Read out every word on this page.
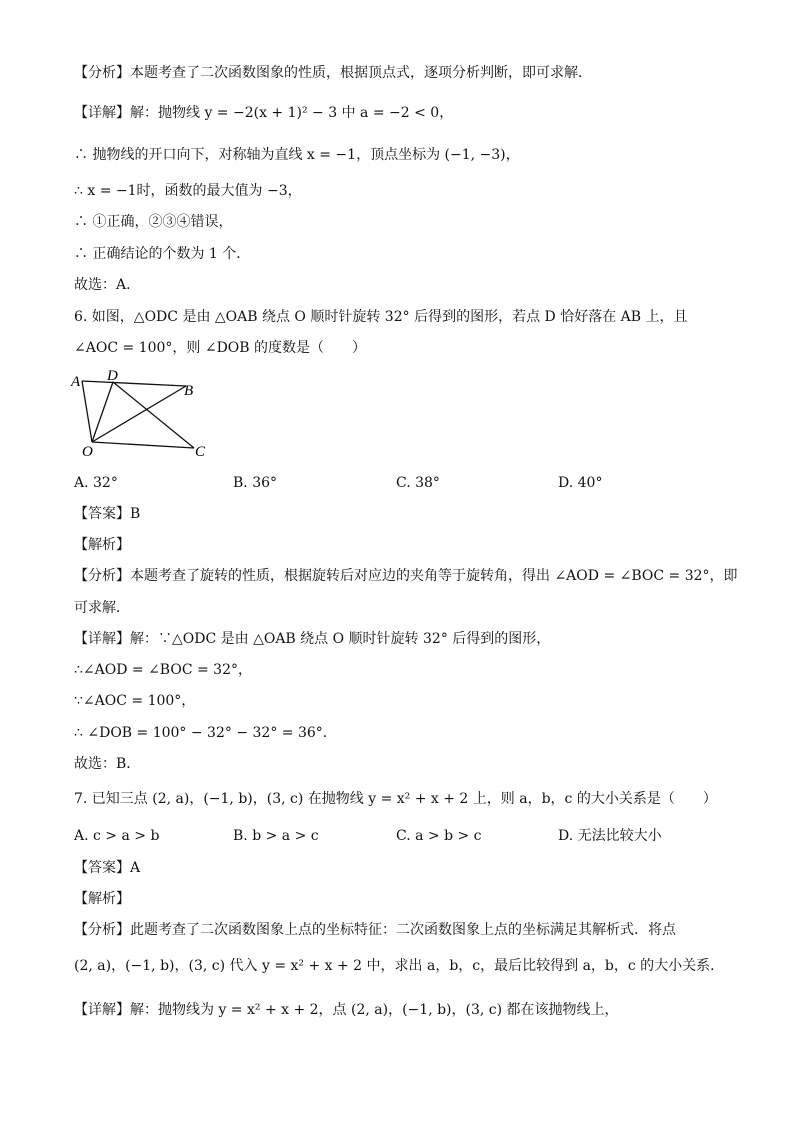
【分析】本题考查了二次函数图象的性质，根据顶点式，逐项分析判断，即可求解．
【详解】解：抛物线 y = −2(x + 1)² − 3 中 a = −2 < 0，
∴ 抛物线的开口向下，对称轴为直线 x = −1，顶点坐标为 (−1, −3)，
∴ x = −1时，函数的最大值为 −3，
∴ ①正确，②③④错误，
∴ 正确结论的个数为 1 个．
故选：A．
6. 如图，△ODC 是由 △OAB 绕点 O 顺时针旋转 32° 后得到的图形，若点 D 恰好落在 AB 上，且
∠AOC = 100°，则 ∠DOB 的度数是（　　）
A D
B
O	C
A. 32°	B. 36°	C. 38°	D. 40°
【答案】B
【解析】
【分析】本题考查了旋转的性质，根据旋转后对应边的夹角等于旋转角，得出 ∠AOD = ∠BOC = 32°，即
可求解．
【详解】解：∵△ODC 是由 △OAB 绕点 O 顺时针旋转 32° 后得到的图形，
∴∠AOD = ∠BOC = 32°，
∵∠AOC = 100°，
∴ ∠DOB = 100° − 32° − 32° = 36°．
故选：B．
7. 已知三点 (2, a)，(−1, b)，(3, c) 在抛物线 y = x² + x + 2 上，则 a，b，c 的大小关系是（　　）
A. c > a > b	B. b > a > c	C. a > b > c	D. 无法比较大小
【答案】A
【解析】
【分析】此题考查了二次函数图象上点的坐标特征：二次函数图象上点的坐标满足其解析式．将点
(2, a)，(−1, b)，(3, c) 代入 y = x² + x + 2 中，求出 a，b，c，最后比较得到 a，b，c 的大小关系．
【详解】解：抛物线为 y = x² + x + 2，点 (2, a)，(−1, b)，(3, c) 都在该抛物线上，
